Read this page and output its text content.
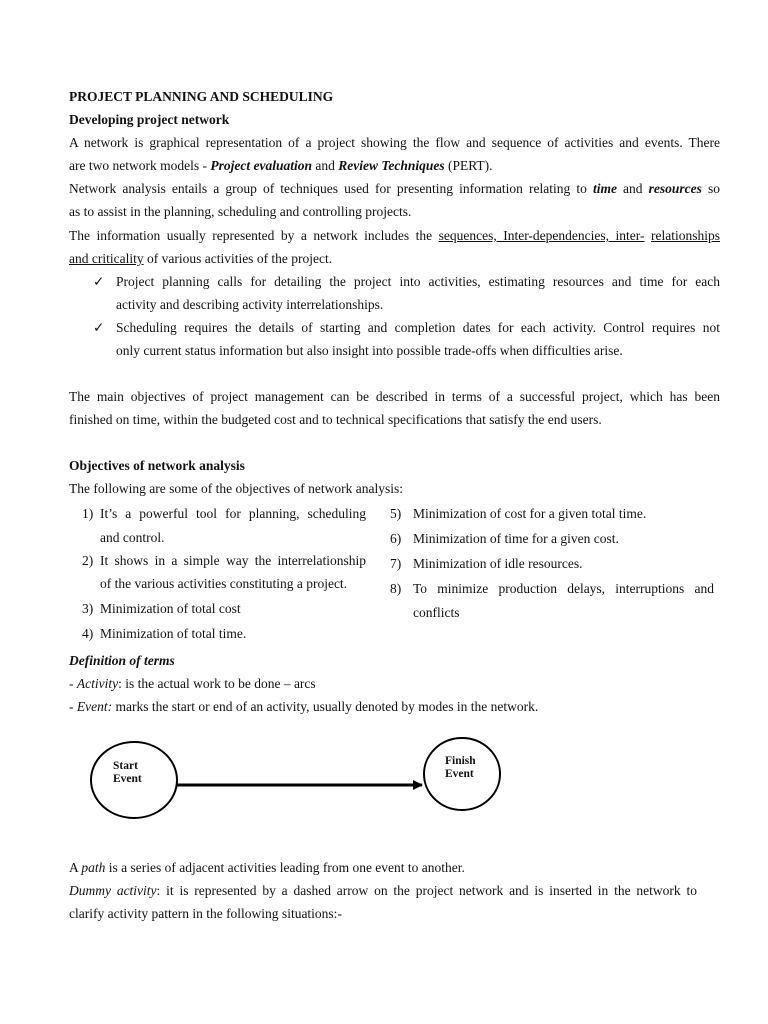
PROJECT PLANNING AND SCHEDULING
Developing project network
A network is graphical representation of a project showing the flow and sequence of activities and events. There
are two network models - Project evaluation and Review Techniques (PERT).
Network analysis entails a group of techniques used for presenting information relating to time and resources so
as to assist in the planning, scheduling and controlling projects.
The information usually represented by a network includes the sequences, Inter-dependencies, inter- relationships
and criticality of various activities of the project.
✓ Project planning calls for detailing the project into activities, estimating resources and time for each
activity and describing activity interrelationships.
✓ Scheduling requires the details of starting and completion dates for each activity. Control requires not
only current status information but also insight into possible trade-offs when difficulties arise.
The main objectives of project management can be described in terms of a successful project, which has been
finished on time, within the budgeted cost and to technical specifications that satisfy the end users.
Objectives of network analysis
The following are some of the objectives of network analysis:
1) It’s a powerful tool for planning, scheduling
and control.
2) It shows in a simple way the interrelationship
of the various activities constituting a project.
3) Minimization of total cost
4) Minimization of total time.
5) Minimization of cost for a given total time.
6) Minimization of time for a given cost.
7) Minimization of idle resources.
8) To minimize production delays, interruptions and
conflicts
Definition of terms
- Activity: is the actual work to be done – arcs
- Event: marks the start or end of an activity, usually denoted by modes in the network.
Start
Event
Finish
Event
A path is a series of adjacent activities leading from one event to another.
Dummy activity: it is represented by a dashed arrow on the project network and is inserted in the network to
clarify activity pattern in the following situations:-
